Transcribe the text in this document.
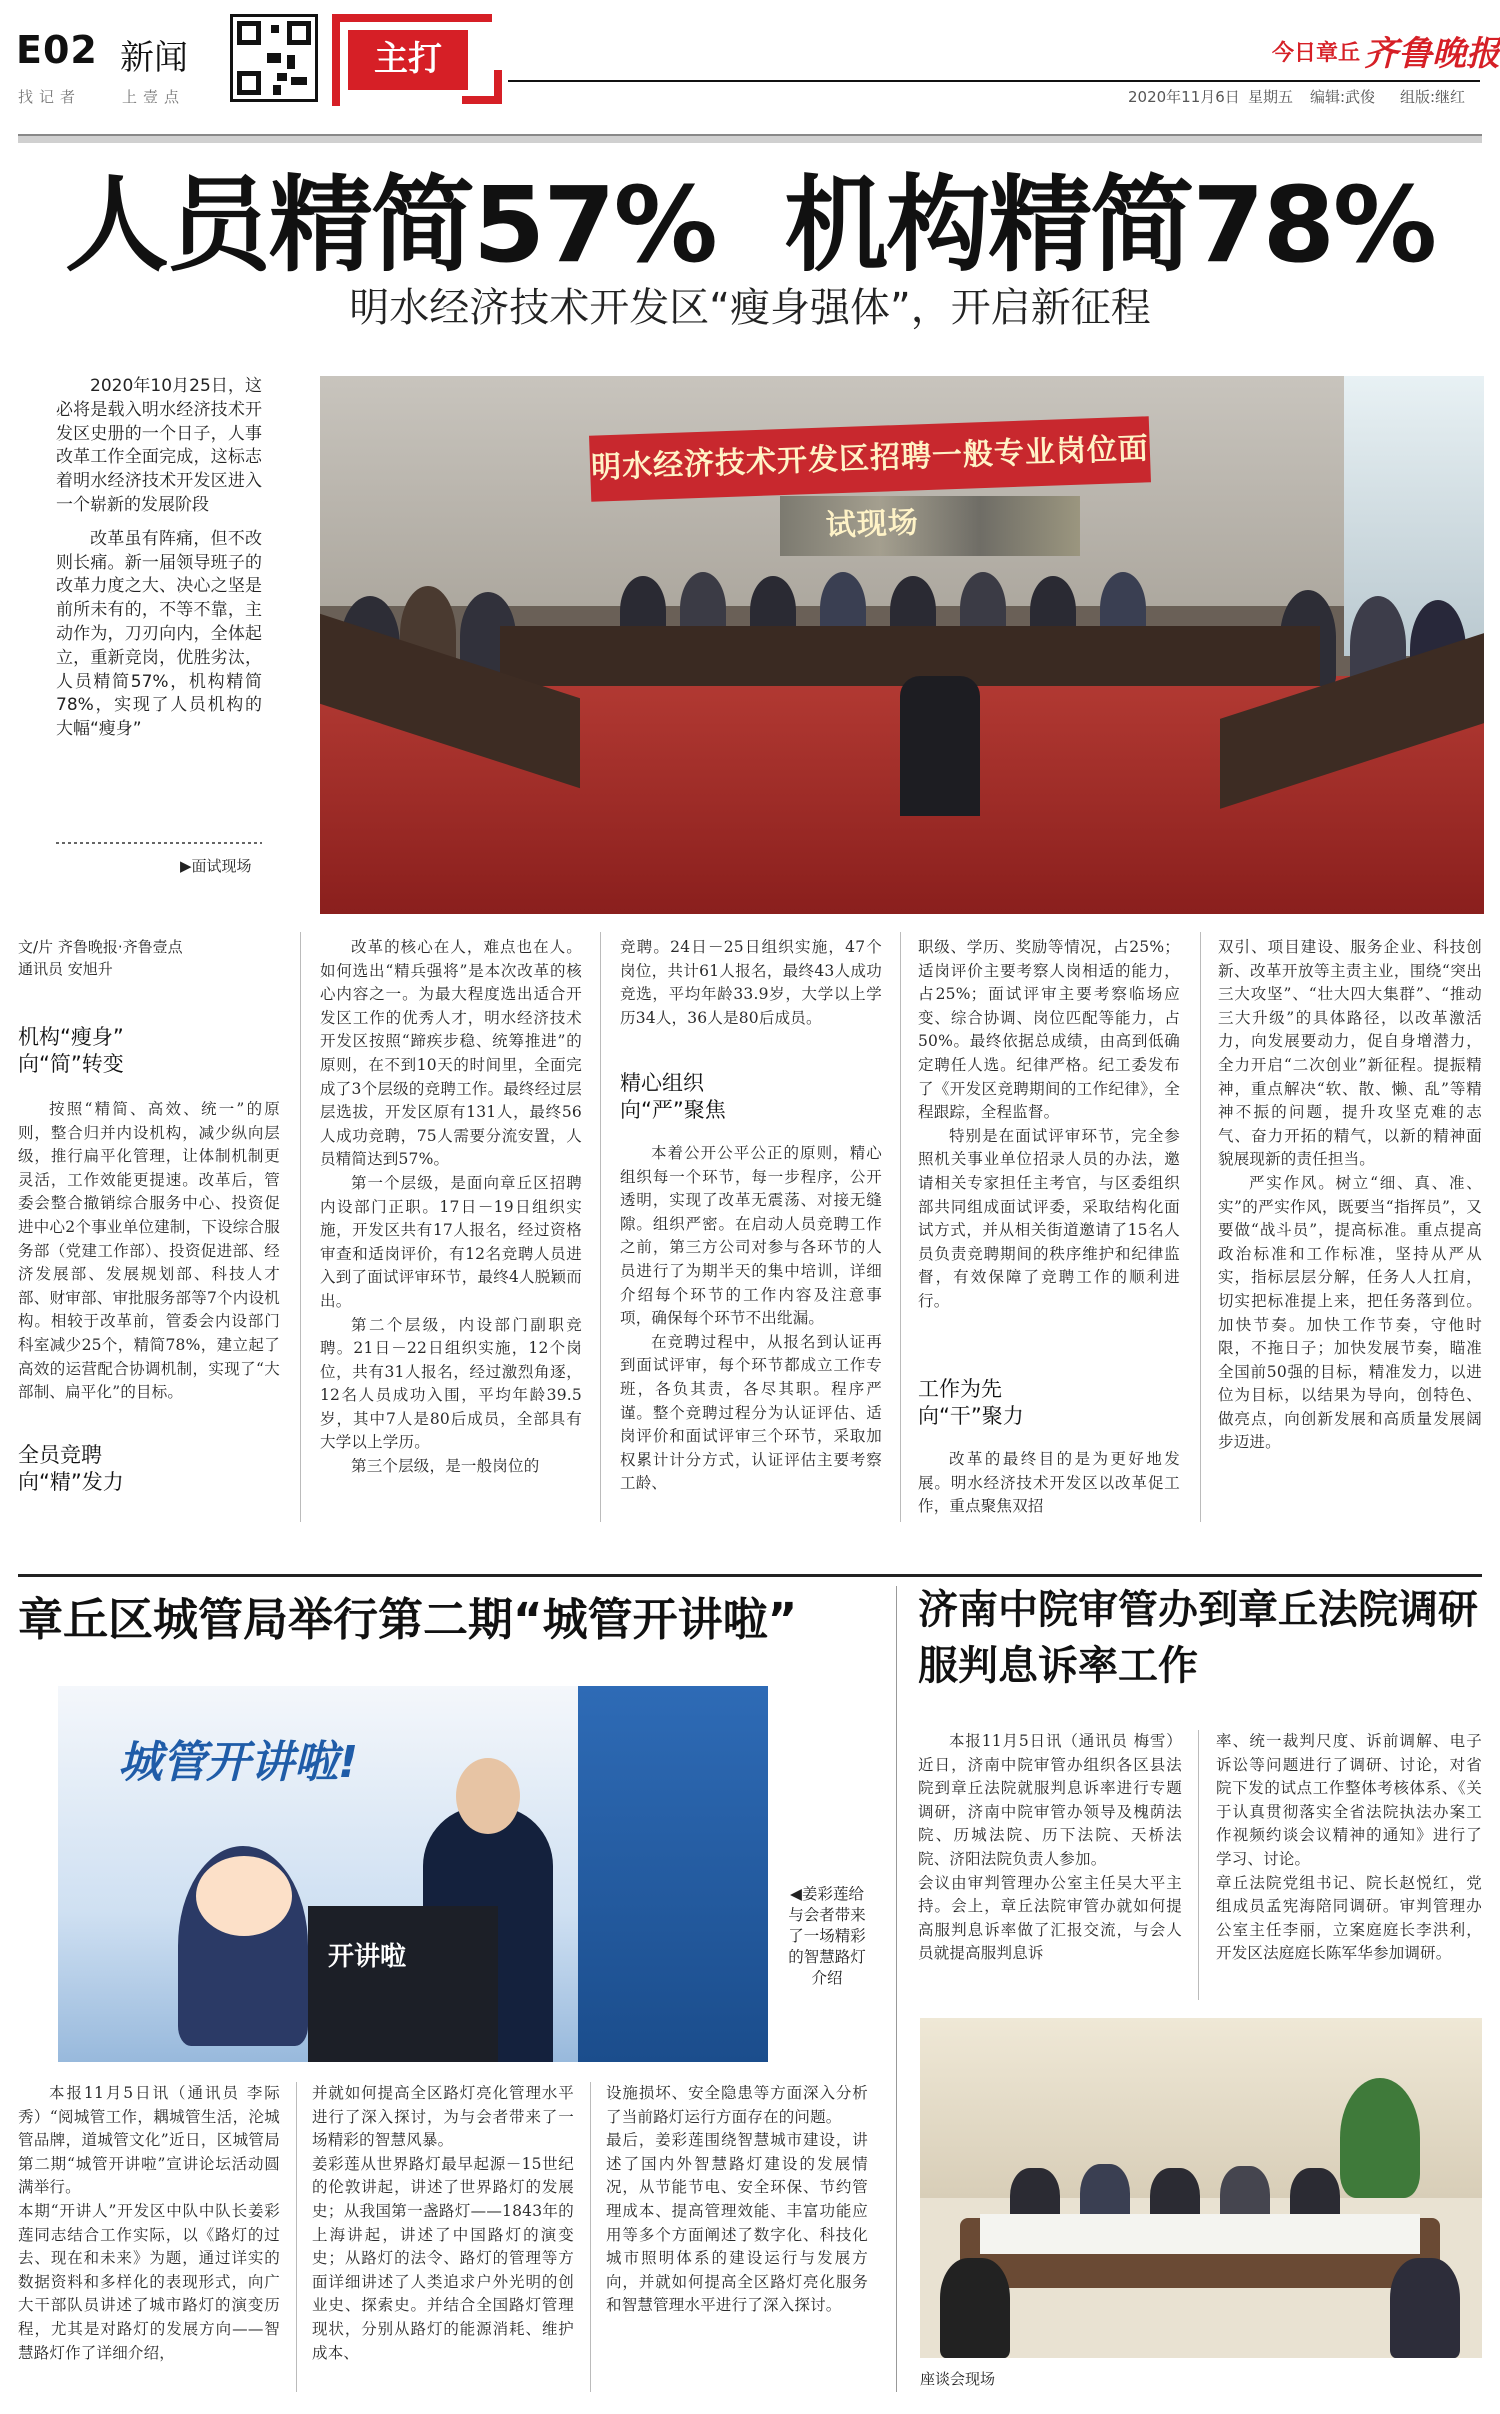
E02 新闻
找记者	上壹点
主打	今日章丘 齐鲁晚报
2020年11月6日 星期五 编辑:武俊 组版:继红
人员精简57%  机构精简78%
明水经济技术开发区“瘦身强体”，开启新征程

2020年10月25日，这必将是载入明水经济技术开发区史册的一个日子，人事改革工作全面完成，这标志着明水经济技术开发区进入一个崭新的发展阶段

改革虽有阵痛，但不改则长痛。新一届领导班子的改革力度之大、决心之坚是前所未有的，不等不靠，主动作为，刀刃向内，全体起立，重新竞岗，优胜劣汰，人员精简57%，机构精简78%，实现了人员机构的大幅“瘦身”

▶面试现场
明水经济技术开发区招聘一般专业岗位面试现场
文/片 齐鲁晚报·齐鲁壹点
通讯员 安旭升
机构“瘦身”
向“简”转变

按照“精简、高效、统一”的原则，整合归并内设机构，减少纵向层级，推行扁平化管理，让体制机制更灵活，工作效能更提速。改革后，管委会整合撤销综合服务中心、投资促进中心2个事业单位建制，下设综合服务部（党建工作部）、投资促进部、经济发展部、发展规划部、科技人才部、财审部、审批服务部等7个内设机构。相较于改革前，管委会内设部门科室减少25个，精简78%，建立起了高效的运营配合协调机制，实现了“大部制、扁平化”的目标。

全员竞聘
向“精”发力

改革的核心在人，难点也在人。如何选出“精兵强将”是本次改革的核心内容之一。为最大程度选出适合开发区工作的优秀人才，明水经济技术开发区按照“蹄疾步稳、统筹推进”的原则，在不到10天的时间里，全面完成了3个层级的竞聘工作。最终经过层层选拔，开发区原有131人，最终56人成功竞聘，75人需要分流安置，人员精简达到57%。

第一个层级，是面向章丘区招聘内设部门正职。17日－19日组织实施，开发区共有17人报名，经过资格审查和适岗评价，有12名竞聘人员进入到了面试评审环节，最终4人脱颖而出。

第二个层级，内设部门副职竞聘。21日－22日组织实施，12个岗位，共有31人报名，经过激烈角逐，12名人员成功入围，平均年龄39.5岁，其中7人是80后成员，全部具有大学以上学历。

第三个层级，是一般岗位的

竞聘。24日－25日组织实施，47个岗位，共计61人报名，最终43人成功竞选，平均年龄33.9岁，大学以上学历34人，36人是80后成员。

精心组织
向“严”聚焦

本着公开公平公正的原则，精心组织每一个环节，每一步程序，公开透明，实现了改革无震荡、对接无缝隙。组织严密。在启动人员竞聘工作之前，第三方公司对参与各环节的人员进行了为期半天的集中培训，详细介绍每个环节的工作内容及注意事项，确保每个环节不出纰漏。

在竞聘过程中，从报名到认证再到面试评审，每个环节都成立工作专班，各负其责，各尽其职。程序严谨。整个竞聘过程分为认证评估、适岗评价和面试评审三个环节，采取加权累计计分方式，认证评估主要考察工龄、

职级、学历、奖励等情况，占25%；适岗评价主要考察人岗相适的能力，占25%；面试评审主要考察临场应变、综合协调、岗位匹配等能力，占50%。最终依据总成绩，由高到低确定聘任人选。纪律严格。纪工委发布了《开发区竞聘期间的工作纪律》，全程跟踪，全程监督。

特别是在面试评审环节，完全参照机关事业单位招录人员的办法，邀请相关专家担任主考官，与区委组织部共同组成面试评委，采取结构化面试方式，并从相关街道邀请了15名人员负责竞聘期间的秩序维护和纪律监督，有效保障了竞聘工作的顺利进行。

工作为先
向“干”聚力

改革的最终目的是为更好地发展。明水经济技术开发区以改革促工作，重点聚焦双招

双引、项目建设、服务企业、科技创新、改革开放等主责主业，围绕“突出三大攻坚”、“壮大四大集群”、“推动三大升级”的具体路径，以改革激活力，向发展要动力，促自身增潜力，全力开启“二次创业”新征程。提振精神，重点解决“软、散、懒、乱”等精神不振的问题，提升攻坚克难的志气、奋力开拓的精气，以新的精神面貌展现新的责任担当。

严实作风。树立“细、真、准、实”的严实作风，既要当“指挥员”，又要做“战斗员”，提高标准。重点提高政治标准和工作标准，坚持从严从实，指标层层分解，任务人人扛肩，切实把标准提上来，把任务落到位。加快节奏。加快工作节奏，守他时限，不拖日子；加快发展节奏，瞄准全国前50强的目标，精准发力，以进位为目标，以结果为导向，创特色、做亮点，向创新发展和高质量发展阔步迈进。

章丘区城管局举行第二期“城管开讲啦”
城管开讲啦!
开讲啦
◀姜彩莲给与会者带来了一场精彩的智慧路灯介绍

本报11月5日讯（通讯员 李际秀）“阅城管工作，耦城管生活，沦城管品牌，道城管文化”近日，区城管局第二期“城管开讲啦”宣讲论坛活动圆满举行。
本期“开讲人”开发区中队中队长姜彩莲同志结合工作实际，以《路灯的过去、现在和未来》为题，通过详实的数据资料和多样化的表现形式，向广大干部队员讲述了城市路灯的演变历程，尤其是对路灯的发展方向——智慧路灯作了详细介绍，

并就如何提高全区路灯亮化管理水平进行了深入探讨，为与会者带来了一场精彩的智慧风暴。
姜彩莲从世界路灯最早起源－15世纪的伦敦讲起，讲述了世界路灯的发展史；从我国第一盏路灯——1843年的上海讲起，讲述了中国路灯的演变史；从路灯的法令、路灯的管理等方面详细讲述了人类追求户外光明的创业史、探索史。并结合全国路灯管理现状，分别从路灯的能源消耗、维护成本、

设施损坏、安全隐患等方面深入分析了当前路灯运行方面存在的问题。
最后，姜彩莲围绕智慧城市建设，讲述了国内外智慧路灯建设的发展情况，从节能节电、安全环保、节约管理成本、提高管理效能、丰富功能应用等多个方面阐述了数字化、科技化城市照明体系的建设运行与发展方向，并就如何提高全区路灯亮化服务和智慧管理水平进行了深入探讨。

济南中院审管办到章丘法院调研服判息诉率工作

本报11月5日讯（通讯员 梅雪）近日，济南中院审管办组织各区县法院到章丘法院就服判息诉率进行专题调研，济南中院审管办领导及槐荫法院、历城法院、历下法院、天桥法院、济阳法院负责人参加。
会议由审判管理办公室主任吴大平主持。会上，章丘法院审管办就如何提高服判息诉率做了汇报交流，与会人员就提高服判息诉

率、统一裁判尺度、诉前调解、电子诉讼等问题进行了调研、讨论，对省院下发的试点工作整体考核体系、《关于认真贯彻落实全省法院执法办案工作视频约谈会议精神的通知》进行了学习、讨论。
章丘法院党组书记、院长赵悦红，党组成员孟宪海陪同调研。审判管理办公室主任李丽，立案庭庭长李洪利，开发区法庭庭长陈军华参加调研。

座谈会现场
